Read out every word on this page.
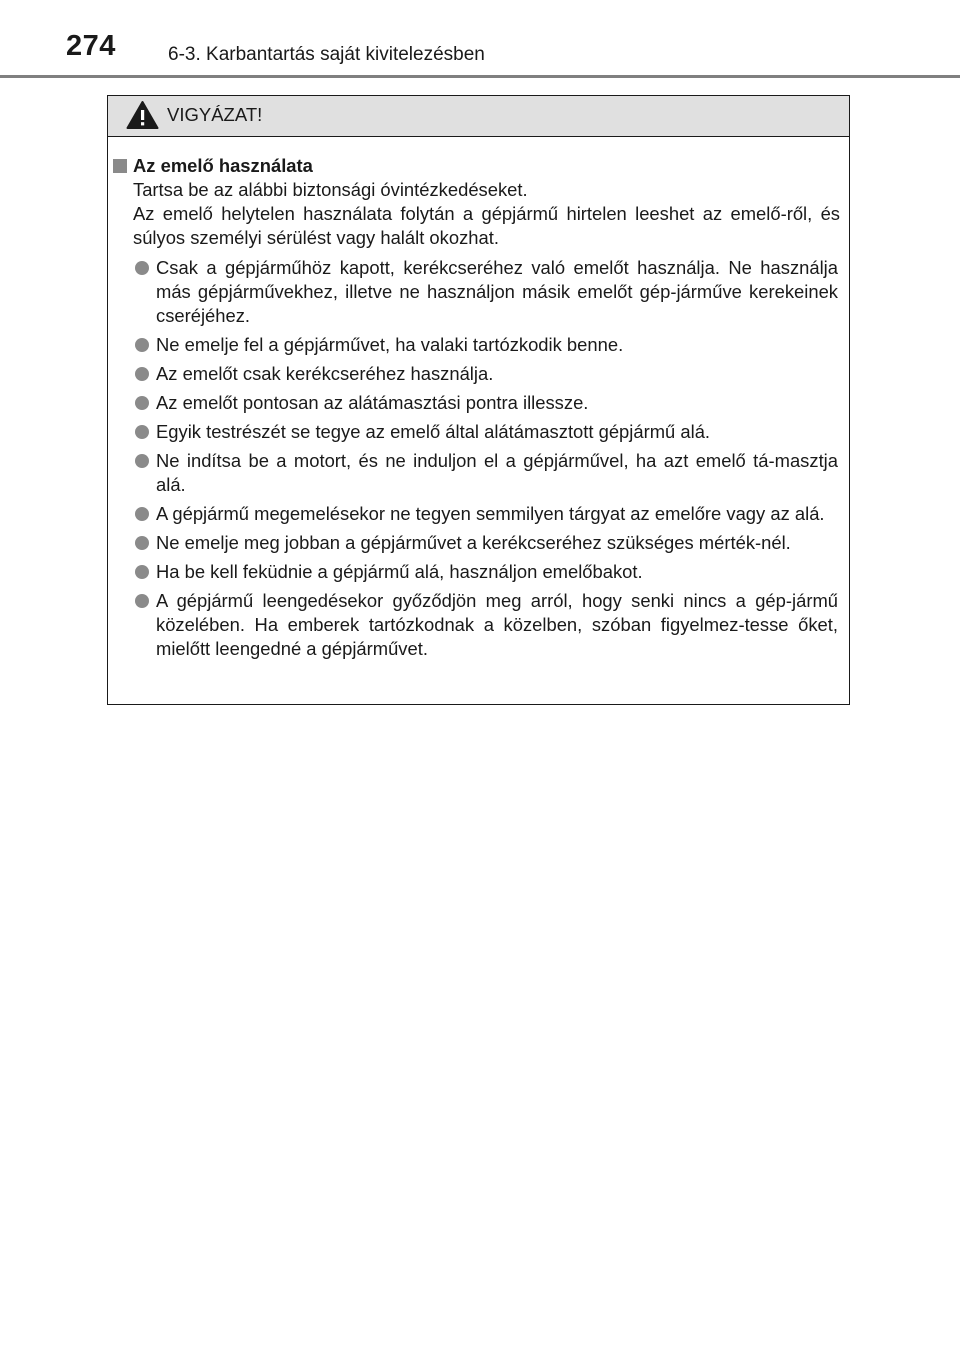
274	6-3. Karbantartás saját kivitelezésben
VIGYÁZAT!
Az emelő használata
Tartsa be az alábbi biztonsági óvintézkedéseket.
Az emelő helytelen használata folytán a gépjármű hirtelen leeshet az emelő-ről, és súlyos személyi sérülést vagy halált okozhat.
Csak a gépjárműhöz kapott, kerékcseréhez való emelőt használja. Ne használja más gépjárművekhez, illetve ne használjon másik emelőt gép-járműve kerekeinek cseréjéhez.
Ne emelje fel a gépjárművet, ha valaki tartózkodik benne.
Az emelőt csak kerékcseréhez használja.
Az emelőt pontosan az alátámasztási pontra illessze.
Egyik testrészét se tegye az emelő által alátámasztott gépjármű alá.
Ne indítsa be a motort, és ne induljon el a gépjárművel, ha azt emelő tá-masztja alá.
A gépjármű megemelésekor ne tegyen semmilyen tárgyat az emelőre vagy az alá.
Ne emelje meg jobban a gépjárművet a kerékcseréhez szükséges mérték-nél.
Ha be kell feküdnie a gépjármű alá, használjon emelőbakot.
A gépjármű leengedésekor győződjön meg arról, hogy senki nincs a gép-jármű közelében. Ha emberek tartózkodnak a közelben, szóban figyelmez-tesse őket, mielőtt leengedné a gépjárművet.
